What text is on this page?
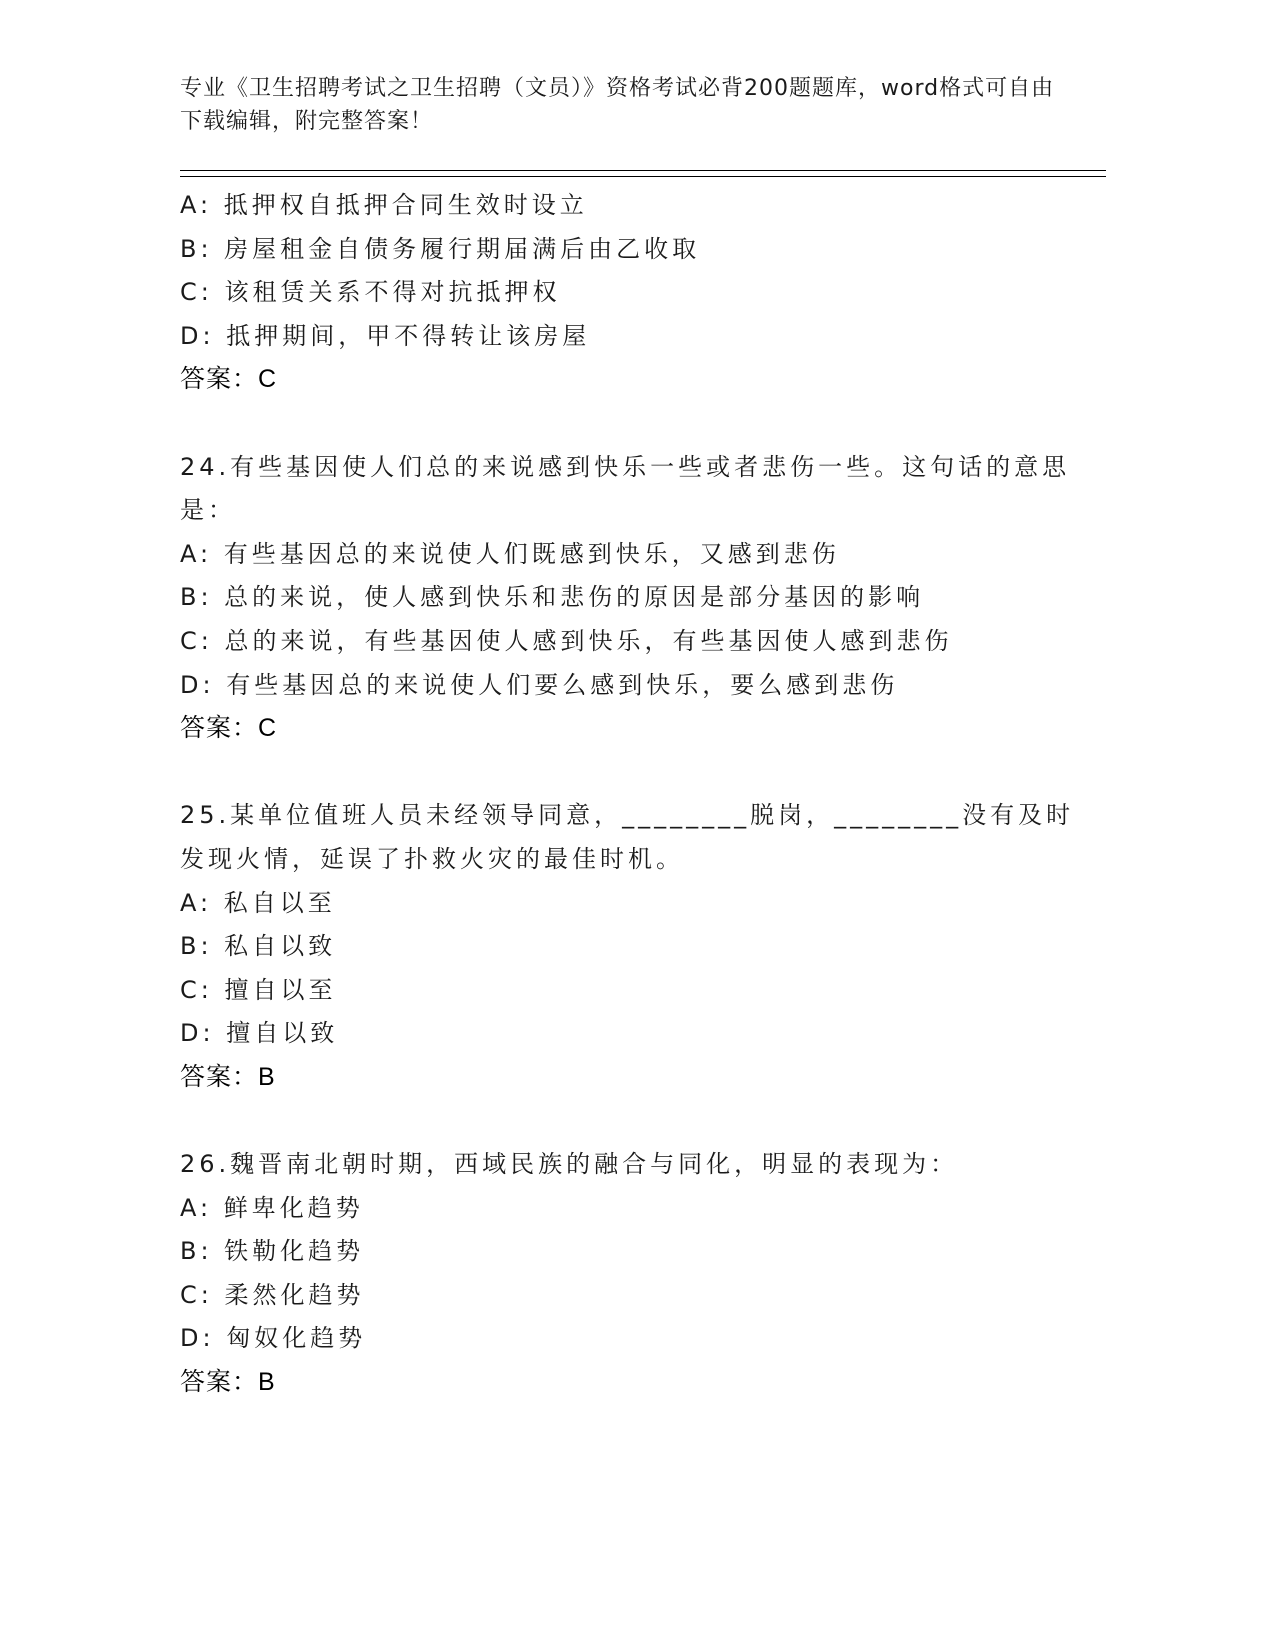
专业《卫生招聘考试之卫生招聘（文员）》资格考试必背200题题库，word格式可自由下载编辑，附完整答案！
A: 抵押权自抵押合同生效时设立
B: 房屋租金自债务履行期届满后由乙收取
C: 该租赁关系不得对抗抵押权
D: 抵押期间，甲不得转让该房屋
答案：C
24.有些基因使人们总的来说感到快乐一些或者悲伤一些。这句话的意思是：
A: 有些基因总的来说使人们既感到快乐，又感到悲伤
B: 总的来说，使人感到快乐和悲伤的原因是部分基因的影响
C: 总的来说，有些基因使人感到快乐，有些基因使人感到悲伤
D: 有些基因总的来说使人们要么感到快乐，要么感到悲伤
答案：C
25.某单位值班人员未经领导同意，________脱岗，________没有及时发现火情，延误了扑救火灾的最佳时机。
A: 私自以至
B: 私自以致
C: 擅自以至
D: 擅自以致
答案：B
26.魏晋南北朝时期，西域民族的融合与同化，明显的表现为：
A: 鲜卑化趋势
B: 铁勒化趋势
C: 柔然化趋势
D: 匈奴化趋势
答案：B
